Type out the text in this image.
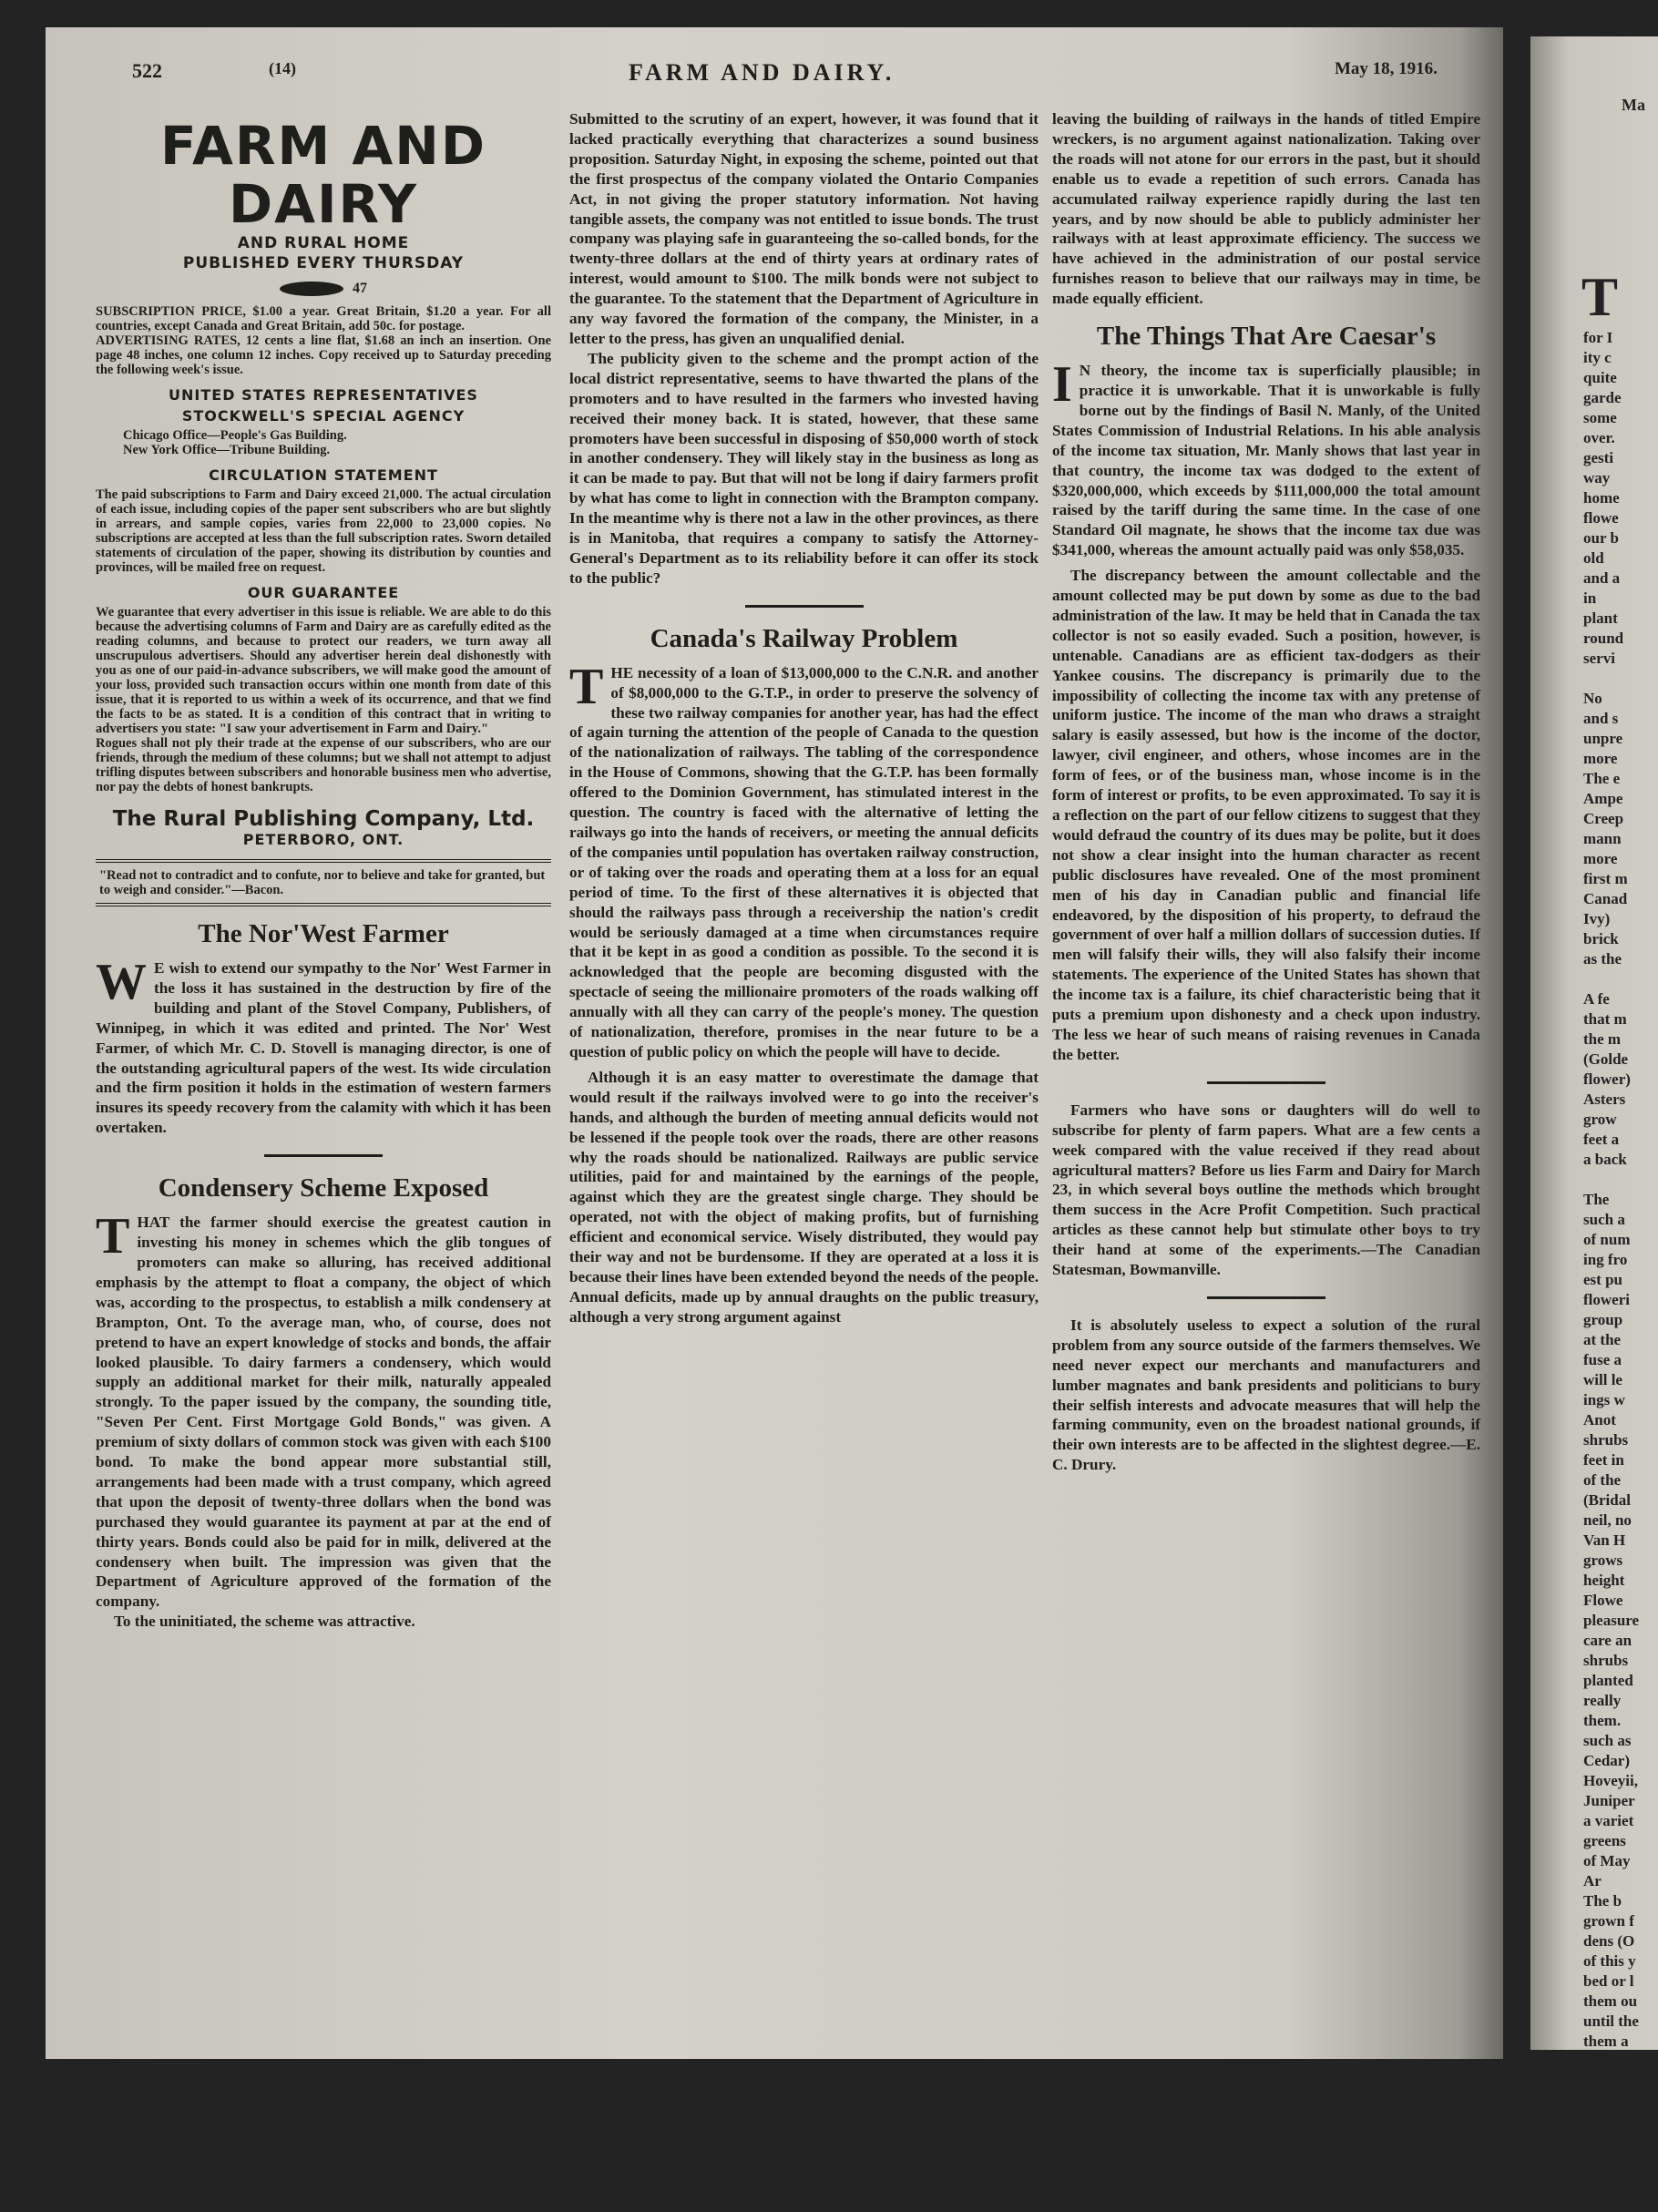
522	(14)	FARM AND DAIRY.	May 18, 1916.
FARM AND DAIRY
AND RURAL HOME
PUBLISHED EVERY THURSDAY
47

SUBSCRIPTION PRICE, $1.00 a year. Great Britain, $1.20 a year. For all countries, except Canada and Great Britain, add 50c. for postage.

ADVERTISING RATES, 12 cents a line flat, $1.68 an inch an insertion. One page 48 inches, one column 12 inches. Copy received up to Saturday preceding the following week's issue.

UNITED STATES REPRESENTATIVES
STOCKWELL'S SPECIAL AGENCY

Chicago Office—People's Gas Building.

New York Office—Tribune Building.

CIRCULATION STATEMENT

The paid subscriptions to Farm and Dairy exceed 21,000. The actual circulation of each issue, including copies of the paper sent subscribers who are but slightly in arrears, and sample copies, varies from 22,000 to 23,000 copies. No subscriptions are accepted at less than the full subscription rates. Sworn detailed statements of circulation of the paper, showing its distribution by counties and provinces, will be mailed free on request.

OUR GUARANTEE

We guarantee that every advertiser in this issue is reliable. We are able to do this because the advertising columns of Farm and Dairy are as carefully edited as the reading columns, and because to protect our readers, we turn away all unscrupulous advertisers. Should any advertiser herein deal dishonestly with you as one of our paid-in-advance subscribers, we will make good the amount of your loss, provided such transaction occurs within one month from date of this issue, that it is reported to us within a week of its occurrence, and that we find the facts to be as stated. It is a condition of this contract that in writing to advertisers you state: "I saw your advertisement in Farm and Dairy."

Rogues shall not ply their trade at the expense of our subscribers, who are our friends, through the medium of these columns; but we shall not attempt to adjust trifling disputes between subscribers and honorable business men who advertise, nor pay the debts of honest bankrupts.

The Rural Publishing Company, Ltd.
PETERBORO, ONT.
"Read not to contradict and to confute, nor to believe and take for granted, but to weigh and consider."—Bacon.
The Nor'West Farmer

W E wish to extend our sympathy to the Nor' West Farmer in the loss it has sustained in the destruction by fire of the building and plant of the Stovel Company, Publishers, of Winnipeg, in which it was edited and printed. The Nor' West Farmer, of which Mr. C. D. Stovell is managing director, is one of the outstanding agricultural papers of the west. Its wide circulation and the firm position it holds in the estimation of western farmers insures its speedy recovery from the calamity with which it has been overtaken.

Condensery Scheme Exposed

THAT the farmer should exercise the greatest caution in investing his money in schemes which the glib tongues of promoters can make so alluring, has received additional emphasis by the attempt to float a company, the object of which was, according to the prospectus, to establish a milk condensery at Brampton, Ont. To the average man, who, of course, does not pretend to have an expert knowledge of stocks and bonds, the affair looked plausible. To dairy farmers a condensery, which would supply an additional market for their milk, naturally appealed strongly. To the paper issued by the company, the sounding title, "Seven Per Cent. First Mortgage Gold Bonds," was given. A premium of sixty dollars of common stock was given with each $100 bond. To make the bond appear more substantial still, arrangements had been made with a trust company, which agreed that upon the deposit of twenty-three dollars when the bond was purchased they would guarantee its payment at par at the end of thirty years. Bonds could also be paid for in milk, delivered at the condensery when built. The impression was given that the Department of Agriculture approved of the formation of the company.

To the uninitiated, the scheme was attractive.

Submitted to the scrutiny of an expert, however, it was found that it lacked practically everything that characterizes a sound business proposition. Saturday Night, in exposing the scheme, pointed out that the first prospectus of the company violated the Ontario Companies Act, in not giving the proper statutory information. Not having tangible assets, the company was not entitled to issue bonds. The trust company was playing safe in guaranteeing the so-called bonds, for the twenty-three dollars at the end of thirty years at ordinary rates of interest, would amount to $100. The milk bonds were not subject to the guarantee. To the statement that the Department of Agriculture in any way favored the formation of the company, the Minister, in a letter to the press, has given an unqualified denial.

The publicity given to the scheme and the prompt action of the local district representative, seems to have thwarted the plans of the promoters and to have resulted in the farmers who invested having received their money back. It is stated, however, that these same promoters have been successful in disposing of $50,000 worth of stock in another condensery. They will likely stay in the business as long as it can be made to pay. But that will not be long if dairy farmers profit by what has come to light in connection with the Brampton company. In the meantime why is there not a law in the other provinces, as there is in Manitoba, that requires a company to satisfy the Attorney-General's Department as to its reliability before it can offer its stock to the public?

Canada's Railway Problem

THE necessity of a loan of $13,000,000 to the C.N.R. and another of $8,000,000 to the G.T.P., in order to preserve the solvency of these two railway companies for another year, has had the effect of again turning the attention of the people of Canada to the question of the nationalization of railways. The tabling of the correspondence in the House of Commons, showing that the G.T.P. has been formally offered to the Dominion Government, has stimulated interest in the question. The country is faced with the alternative of letting the railways go into the hands of receivers, or meeting the annual deficits of the companies until population has overtaken railway construction, or of taking over the roads and operating them at a loss for an equal period of time. To the first of these alternatives it is objected that should the railways pass through a receivership the nation's credit would be seriously damaged at a time when circumstances require that it be kept in as good a condition as possible. To the second it is acknowledged that the people are becoming disgusted with the spectacle of seeing the millionaire promoters of the roads walking off annually with all they can carry of the people's money. The question of nationalization, therefore, promises in the near future to be a question of public policy on which the people will have to decide.

Although it is an easy matter to overestimate the damage that would result if the railways involved were to go into the receiver's hands, and although the burden of meeting annual deficits would not be lessened if the people took over the roads, there are other reasons why the roads should be nationalized. Railways are public service utilities, paid for and maintained by the earnings of the people, against which they are the greatest single charge. They should be operated, not with the object of making profits, but of furnishing efficient and economical service. Wisely distributed, they would pay their way and not be burdensome. If they are operated at a loss it is because their lines have been extended beyond the needs of the people. Annual deficits, made up by annual draughts on the public treasury, although a very strong argument against

leaving the building of railways in the hands of titled Empire wreckers, is no argument against nationalization. Taking over the roads will not atone for our errors in the past, but it should enable us to evade a repetition of such errors. Canada has accumulated railway experience rapidly during the last ten years, and by now should be able to publicly administer her railways with at least approximate efficiency. The success we have achieved in the administration of our postal service furnishes reason to believe that our railways may in time, be made equally efficient.

The Things That Are Caesar's

I N theory, the income tax is superficially plausible; in practice it is unworkable. That it is unworkable is fully borne out by the findings of Basil N. Manly, of the United States Commission of Industrial Relations. In his able analysis of the income tax situation, Mr. Manly shows that last year in that country, the income tax was dodged to the extent of $320,000,000, which exceeds by $111,000,000 the total amount raised by the tariff during the same time. In the case of one Standard Oil magnate, he shows that the income tax due was $341,000, whereas the amount actually paid was only $58,035.

The discrepancy between the amount collectable and the amount collected may be put down by some as due to the bad administration of the law. It may be held that in Canada the tax collector is not so easily evaded. Such a position, however, is untenable. Canadians are as efficient tax-dodgers as their Yankee cousins. The discrepancy is primarily due to the impossibility of collecting the income tax with any pretense of uniform justice. The income of the man who draws a straight salary is easily assessed, but how is the income of the doctor, lawyer, civil engineer, and others, whose incomes are in the form of fees, or of the business man, whose income is in the form of interest or profits, to be even approximated. To say it is a reflection on the part of our fellow citizens to suggest that they would defraud the country of its dues may be polite, but it does not show a clear insight into the human character as recent public disclosures have revealed. One of the most prominent men of his day in Canadian public and financial life endeavored, by the disposition of his property, to defraud the government of over half a million dollars of succession duties. If men will falsify their wills, they will also falsify their income statements. The experience of the United States has shown that the income tax is a failure, its chief characteristic being that it puts a premium upon dishonesty and a check upon industry. The less we hear of such means of raising revenues in Canada the better.

Farmers who have sons or daughters will do well to subscribe for plenty of farm papers. What are a few cents a week compared with the value received if they read about agricultural matters? Before us lies Farm and Dairy for March 23, in which several boys outline the methods which brought them success in the Acre Profit Competition. Such practical articles as these cannot help but stimulate other boys to try their hand at some of the experiments.—The Canadian Statesman, Bowmanville.

It is absolutely useless to expect a solution of the rural problem from any source outside of the farmers themselves. We need never expect our merchants and manufacturers and lumber magnates and bank presidents and politicians to bury their selfish interests and advocate measures that will help the farming community, even on the broadest national grounds, if their own interests are to be affected in the slightest degree.—E. C. Drury.

Ma

T

for I

ity c

quite

garde

some

over.

gesti

way

home

flowe

our b

old

and a

in

plant

round

servi

No

and s

unpre

more

The e

Ampe

Creep

mann

more

first m

Canad

Ivy)

brick

as the

A fe

that m

the m

(Golde

flower)

Asters

grow

feet a

a back

The

such a

of num

ing fro

est pu

floweri

group

at the

fuse a

will le

ings w

Anot

shrubs

feet in

of the

(Bridal

neil, no

Van H

grows

height

Flowe

pleasure

care an

shrubs

planted

really

them.

such as

Cedar)

Hoveyii,

Juniper

a variet

greens

of May

Ar

The b

grown f

dens (O

of this y

bed or l

them ou

until the

them a

will be

lous gro

looking

saucer

months

or stump

lawn or

some cl
